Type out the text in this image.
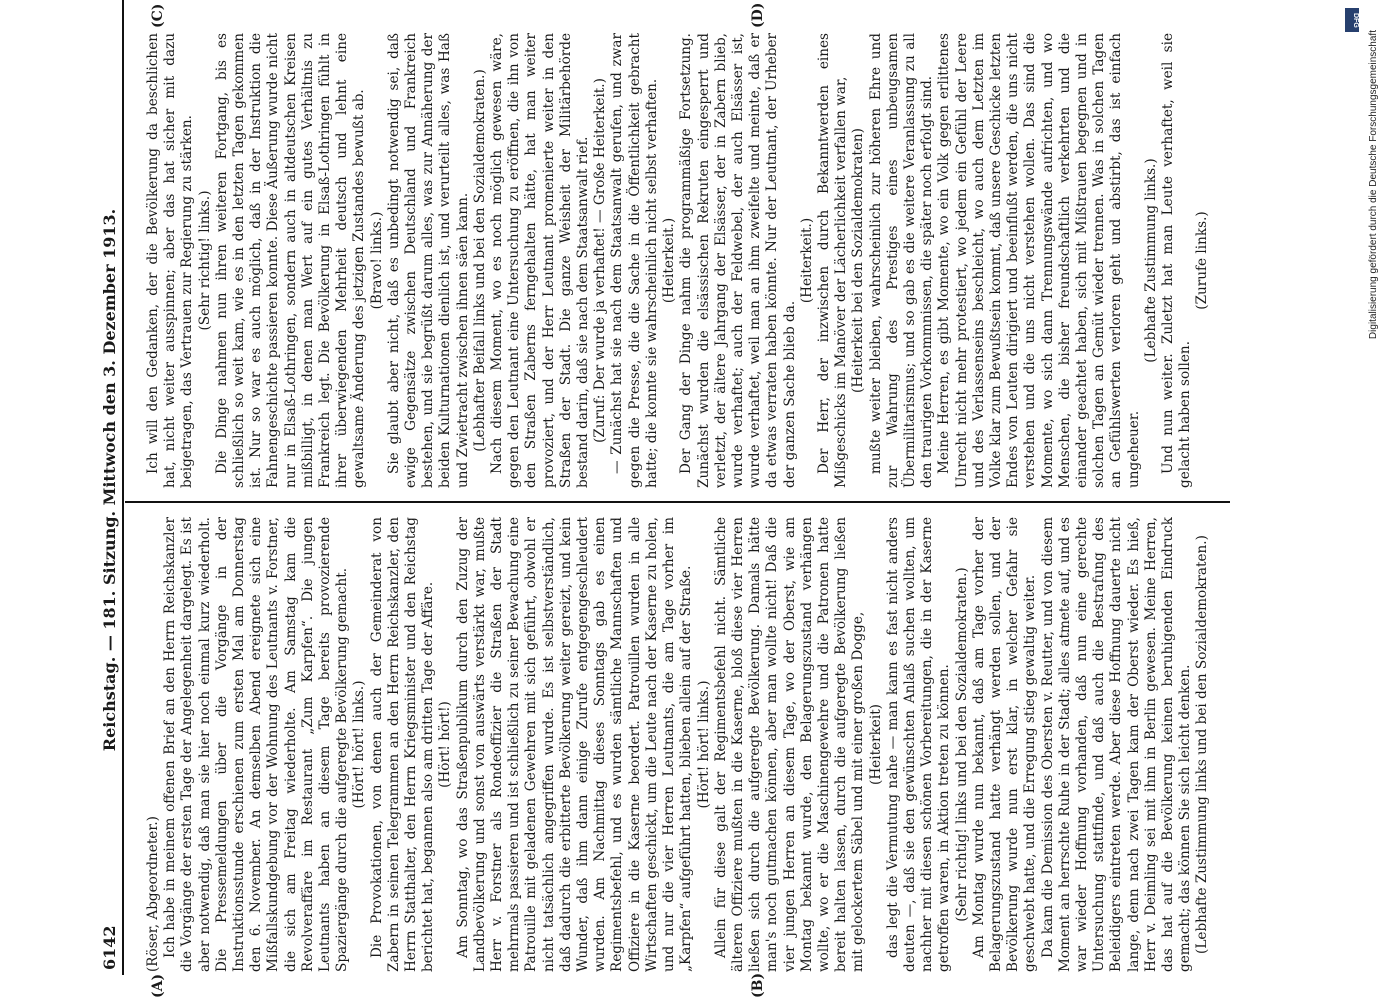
6142
Reichstag. — 181. Sitzung. Mittwoch den 3. Dezember 1913.
(A)	(B)
(C)	(D)

(Röser, Abgeordneter.) Ich habe in meinem offenen Brief an den Herrn Reichskanzler die Vorgänge der ersten Tage der Angelegenheit dargelegt. Es ist aber notwendig, daß man sie hier noch einmal kurz wiederholt. Die Pressemeldungen über die Vorgänge in der Instruktionsstunde erschienen zum ersten Mal am Donnerstag den 6. November. An demselben Abend ereignete sich eine Mißfallskundgebung vor der Wohnung des Leutnants v. Forstner, die sich am Freitag wiederholte. Am Samstag kam die Revolveraffäre im Restaurant „Zum Karpfen“. Die jungen Leutnants haben an diesem Tage bereits provozierende Spaziergänge durch die aufgeregte Bevölkerung gemacht. (Hört! hört! links.) Die Provokationen, von denen auch der Gemeinderat von Zabern in seinen Telegrammen an den Herrn Reichskanzler, den Herrn Statthalter, den Herrn Kriegsminister und den Reichstag berichtet hat, begannen also am dritten Tage der Affäre. (Hört! hört!) Am Sonntag, wo das Straßenpublikum durch den Zuzug der Landbevölkerung und sonst von auswärts verstärkt war, mußte Herr v. Forstner als Rondeoffizier die Straßen der Stadt mehrmals passieren und ist schließlich zu seiner Bewachung eine Patrouille mit geladenen Gewehren mit sich geführt, obwohl er nicht tatsächlich angegriffen wurde. Es ist selbstverständlich, daß dadurch die erbitterte Bevölkerung weiter gereizt, und kein Wunder, daß ihm dann einige Zurufe entgegengeschleudert wurden. Am Nachmittag dieses Sonntags gab es einen Regimentsbefehl, und es wurden sämtliche Mannschaften und Offiziere in die Kaserne beordert. Patrouillen wurden in alle Wirtschaften geschickt, um die Leute nach der Kaserne zu holen, und nur die vier Herren Leutnants, die am Tage vorher im „Karpfen“ aufgeführt hatten, blieben allein auf der Straße. (Hört! hört! links.) Allein für diese galt der Regimentsbefehl nicht. Sämtliche älteren Offiziere mußten in die Kaserne, bloß diese vier Herren ließen sich durch die aufgeregte Bevölkerung. Damals hätte man's noch gutmachen können, aber man wollte nicht! Daß die vier jungen Herren an diesem Tage, wo der Oberst, wie am Montag bekannt wurde, den Belagerungszustand verhängen wollte, wo er die Maschinengewehre und die Patronen hatte bereit halten lassen, durch die aufgeregte Bevölkerung ließen mit gelockertem Säbel und mit einer großen Dogge, (Heiterkeit) das legt die Vermutung nahe — man kann es fast nicht anders deuten —, daß sie den gewünschten Anlaß suchen wollten, um nachher mit diesen schönen Vorbereitungen, die in der Kaserne getroffen waren, in Aktion treten zu können. (Sehr richtig! links und bei den Sozialdemokraten.) Am Montag wurde nun bekannt, daß am Tage vorher der Belagerungszustand hatte verhängt werden sollen, und der Bevölkerung wurde nun erst klar, in welcher Gefahr sie geschwebt hatte, und die Erregung stieg gewaltig weiter. Da kam die Demission des Obersten v. Reutter, und von diesem Moment an herrschte Ruhe in der Stadt; alles atmete auf, und es war wieder Hoffnung vorhanden, daß nun eine gerechte Untersuchung stattfinde, und daß auch die Bestrafung des Beleidigers eintreten werde. Aber diese Hoffnung dauerte nicht lange, denn nach zwei Tagen kam der Oberst wieder. Es hieß, Herr v. Deimling sei mit ihm in Berlin gewesen. Meine Herren, das hat auf die Bevölkerung keinen beruhigenden Eindruck gemacht; das können Sie sich leicht denken. (Lebhafte Zustimmung links und bei den Sozialdemokraten.)

Ich will den Gedanken, der die Bevölkerung da beschlichen hat, nicht weiter ausspinnen; aber das hat sicher mit dazu beigetragen, das Vertrauen zur Regierung zu stärken. (Sehr richtig! links.) Die Dinge nahmen nun ihren weiteren Fortgang, bis es schließlich so weit kam, wie es in den letzten Tagen gekommen ist. Nur so war es auch möglich, daß in der Instruktion die Fahnengeschichte passieren konnte. Diese Äußerung wurde nicht nur in Elsaß-Lothringen, sondern auch in altdeutschen Kreisen mißbilligt, in denen man Wert auf ein gutes Verhältnis zu Frankreich legt. Die Bevölkerung in Elsaß-Lothringen fühlt in ihrer überwiegenden Mehrheit deutsch und lehnt eine gewaltsame Änderung des jetzigen Zustandes bewußt ab. (Bravo! links.) Sie glaubt aber nicht, daß es unbedingt notwendig sei, daß ewige Gegensätze zwischen Deutschland und Frankreich bestehen, und sie begrüßt darum alles, was zur Annäherung der beiden Kulturnationen dienlich ist, und verurteilt alles, was Haß und Zwietracht zwischen ihnen säen kann. (Lebhafter Beifall links und bei den Sozialdemokraten.) Nach diesem Moment, wo es noch möglich gewesen wäre, gegen den Leutnant eine Untersuchung zu eröffnen, die ihn von den Straßen Zaberns ferngehalten hätte, hat man weiter provoziert, und der Herr Leutnant promenierte weiter in den Straßen der Stadt. Die ganze Weisheit der Militärbehörde bestand darin, daß sie nach dem Staatsanwalt rief. (Zuruf: Der wurde ja verhaftet! — Große Heiterkeit.) — Zunächst hat sie nach dem Staatsanwalt gerufen, und zwar gegen die Presse, die die Sache in die Öffentlichkeit gebracht hatte; die konnte sie wahrscheinlich nicht selbst verhaften. (Heiterkeit.) Der Gang der Dinge nahm die programmäßige Fortsetzung. Zunächst wurden die elsässischen Rekruten eingesperrt und verletzt, der ältere Jahrgang der Elsässer, der in Zabern blieb, wurde verhaftet; auch der Feldwebel, der auch Elsässer ist, wurde verhaftet, weil man an ihm zweifelte und meinte, daß er da etwas verraten haben könnte. Nur der Leutnant, der Urheber der ganzen Sache blieb da.

(Heiterkeit.) Der Herr, der inzwischen durch Bekanntwerden eines Mißgeschicks im Manöver der Lächerlichkeit verfallen war, (Heiterkeit bei den Sozialdemokraten) mußte weiter bleiben, wahrscheinlich zur höheren Ehre und zur Wahrung des Prestiges eines unbeugsamen Übermilitarismus; und so gab es die weitere Veranlassung zu all den traurigen Vorkommnissen, die später noch erfolgt sind. Meine Herren, es gibt Momente, wo ein Volk gegen erlittenes Unrecht nicht mehr protestiert, wo jedem ein Gefühl der Leere und des Verlassenseins beschleicht, wo auch dem Letzten im Volke klar zum Bewußtsein kommt, daß unsere Geschicke letzten Endes von Leuten dirigiert und beeinflußt werden, die uns nicht verstehen und die uns nicht verstehen wollen. Das sind die Momente, wo sich dann Trennungswände aufrichten, und wo Menschen, die bisher freundschaftlich verkehrten und die einander geachtet haben, sich mit Mißtrauen begegnen und in solchen Tagen an Gemüt wieder trennen. Was in solchen Tagen an Gefühlswerten verloren geht und abstirbt, das ist einfach ungeheuer.

(Lebhafte Zustimmung links.) Und nun weiter. Zuletzt hat man Leute verhaftet, weil sie gelacht haben sollen.

(Zurufe links.)

DFG
Digitalisierung gefördert durch die Deutsche Forschungsgemeinschaft
